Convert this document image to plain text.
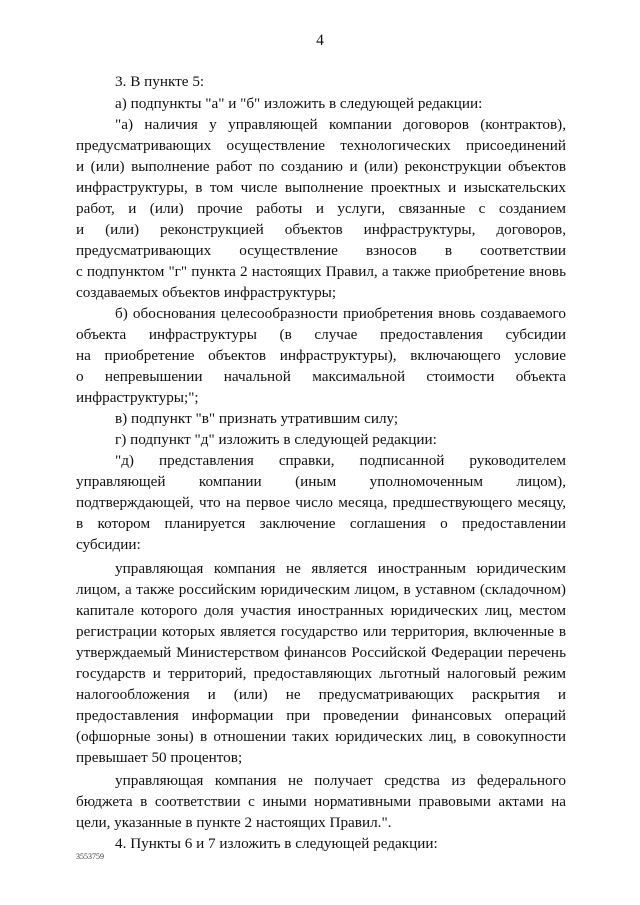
4
3. В пункте 5:
а) подпункты "а" и "б" изложить в следующей редакции:
"а) наличия у управляющей компании договоров (контрактов),
предусматривающих осуществление технологических присоединений
и (или) выполнение работ по созданию и (или) реконструкции объектов
инфраструктуры, в том числе выполнение проектных и изыскательских
работ, и (или) прочие работы и услуги, связанные с созданием
и (или) реконструкцией объектов инфраструктуры, договоров,
предусматривающих осуществление взносов в соответствии
с подпунктом "г" пункта 2 настоящих Правил, а также приобретение вновь
создаваемых объектов инфраструктуры;
б) обоснования целесообразности приобретения вновь создаваемого
объекта инфраструктуры (в случае предоставления субсидии
на приобретение объектов инфраструктуры), включающего условие
о непревышении начальной максимальной стоимости объекта
инфраструктуры;";
в) подпункт "в" признать утратившим силу;
г) подпункт "д" изложить в следующей редакции:
"д) представления справки, подписанной руководителем
управляющей компании (иным уполномоченным лицом),
подтверждающей, что на первое число месяца, предшествующего месяцу,
в котором планируется заключение соглашения о предоставлении
субсидии:
управляющая компания не является иностранным юридическим
лицом, а также российским юридическим лицом, в уставном (складочном)
капитале которого доля участия иностранных юридических лиц, местом
регистрации которых является государство или территория, включенные в
утверждаемый Министерством финансов Российской Федерации перечень
государств и территорий, предоставляющих льготный налоговый режим
налогообложения и (или) не предусматривающих раскрытия и
предоставления информации при проведении финансовых операций
(офшорные зоны) в отношении таких юридических лиц, в совокупности
превышает 50 процентов;
управляющая компания не получает средства из федерального
бюджета в соответствии с иными нормативными правовыми актами на
цели, указанные в пункте 2 настоящих Правил.".
4. Пункты 6 и 7 изложить в следующей редакции:
3553759
